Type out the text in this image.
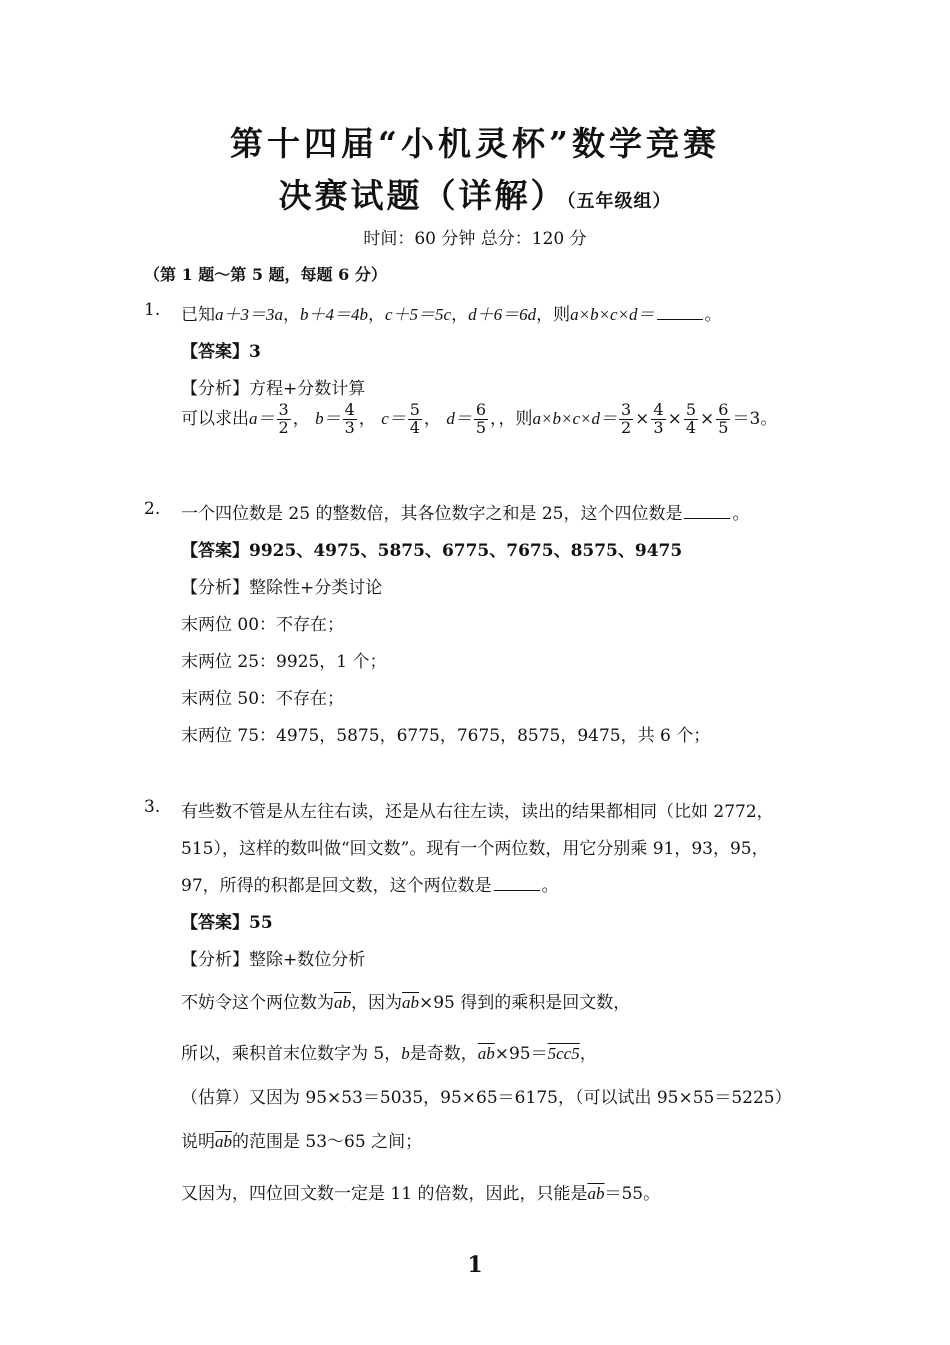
第十四届“小机灵杯”数学竞赛
决赛试题（详解）（五年级组）
时间：60 分钟 总分：120 分
（第 1 题～第 5 题，每题 6 分）
1. 已知a＋3＝3a，b＋4＝4b，c＋5＝5c，d＋6＝6d，则a×b×c×d＝	。
【答案】3
【分析】方程+分数计算
可以求出$a= \frac{3}{2}$ ， $b= \frac{4}{3}$ ， $c= \frac{5}{4}$ ， $d= \frac{6}{5}$ ，，则$a\times b\times c\times d= \frac{3}{2} \times \frac{4}{3} \times \frac{5}{4} \times \frac{6}{5} =3$。
2. 一个四位数是 25 的整数倍，其各位数字之和是 25，这个四位数是	。
【答案】9925、4975、5875、6775、7675、8575、9475
【分析】整除性+分类讨论
末两位 00：不存在；
末两位 25：9925，1 个；
末两位 50：不存在；
末两位 75：4975，5875，6775，7675，8575，9475，共 6 个；
3. 有些数不管是从左往右读，还是从右往左读，读出的结果都相同（比如 2772，
515），这样的数叫做“回文数”。现有一个两位数，用它分别乘 91，93，95，
97，所得的积都是回文数，这个两位数是	。
【答案】55
【分析】整除+数位分析
不妨令这个两位数为$\overline{ab}$，因为$\overline{ab}\times 95$ 得到的乘积是回文数，
所以，乘积首末位数字为 5，b是奇数，$\overline{ab}\times 95=5cc5$，
（估算）又因为 95×53＝5035，95×65＝6175，（可以试出 95×55＝5225）
说明$\overline{ab}$的范围是 53～65 之间；
又因为，四位回文数一定是 11 的倍数，因此，只能是$\overline{ab}=55$。
1
